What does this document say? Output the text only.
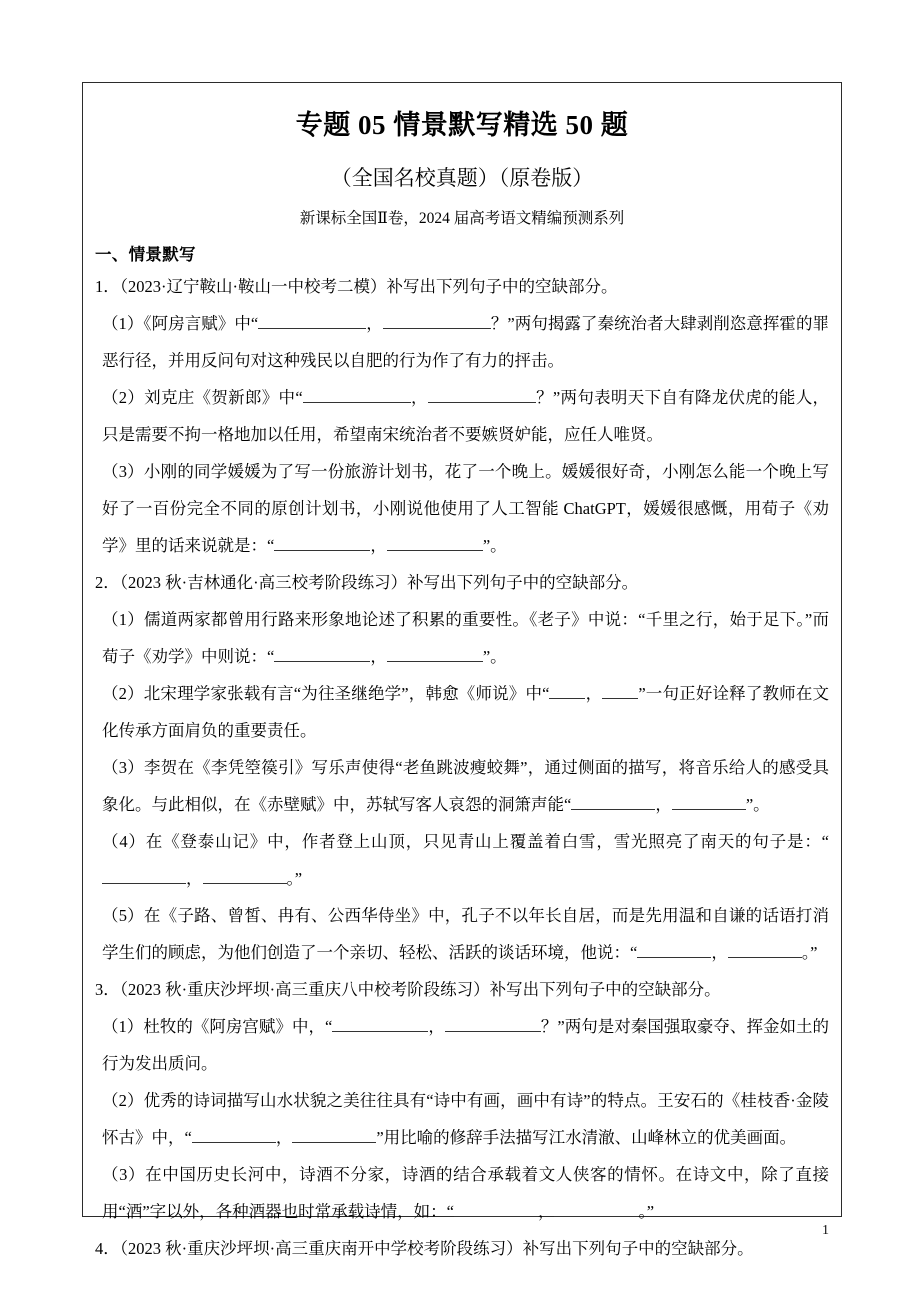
专题 05 情景默写精选 50 题
（全国名校真题）（原卷版）
新课标全国Ⅱ卷，2024 届高考语文精编预测系列
一、情景默写

1．（2023·辽宁鞍山·鞍山一中校考二模）补写出下列句子中的空缺部分。

（1）《阿房言赋》中“	，	？”两句揭露了秦统治者大肆剥削恣意挥霍的罪恶行径，并用反问句对这种残民以自肥的行为作了有力的抨击。

（2）刘克庄《贺新郎》中“	，	？”两句表明天下自有降龙伏虎的能人，只是需要不拘一格地加以任用，希望南宋统治者不要嫉贤妒能，应任人唯贤。

（3）小刚的同学媛媛为了写一份旅游计划书，花了一个晚上。媛媛很好奇，小刚怎么能一个晚上写好了一百份完全不同的原创计划书，小刚说他使用了人工智能 ChatGPT，媛媛很感慨，用荀子《劝学》里的话来说就是：“	，	”。

2．（2023 秋·吉林通化·高三校考阶段练习）补写出下列句子中的空缺部分。

（1）儒道两家都曾用行路来形象地论述了积累的重要性。《老子》中说：“千里之行，始于足下。”而荀子《劝学》中则说：“	，	”。

（2）北宋理学家张载有言“为往圣继绝学”，韩愈《师说》中“ ， ”一句正好诠释了教师在文化传承方面肩负的重要责任。

（3）李贺在《李凭箜篌引》写乐声使得“老鱼跳波瘦蛟舞”，通过侧面的描写，将音乐给人的感受具象化。与此相似，在《赤壁赋》中，苏轼写客人哀怨的洞箫声能“	，	”。

（4）在《登泰山记》中，作者登上山顶，只见青山上覆盖着白雪，雪光照亮了南天的句子是：“，	。”

（5）在《子路、曾皙、冉有、公西华侍坐》中，孔子不以年长自居，而是先用温和自谦的话语打消学生们的顾虑，为他们创造了一个亲切、轻松、活跃的谈话环境，他说：“	，	。”

3．（2023 秋·重庆沙坪坝·高三重庆八中校考阶段练习）补写出下列句子中的空缺部分。

（1）杜牧的《阿房宫赋》中，“	，	？”两句是对秦国强取豪夺、挥金如土的行为发出质问。

（2）优秀的诗词描写山水状貌之美往往具有“诗中有画，画中有诗”的特点。王安石的《桂枝香·金陵怀古》中，“	，	”用比喻的修辞手法描写江水清澈、山峰林立的优美画面。

（3）在中国历史长河中，诗酒不分家，诗酒的结合承载着文人侠客的情怀。在诗文中，除了直接用“酒”字以外，各种酒器也时常承载诗情，如：“	，	。”

4．（2023 秋·重庆沙坪坝·高三重庆南开中学校考阶段练习）补写出下列句子中的空缺部分。

1
